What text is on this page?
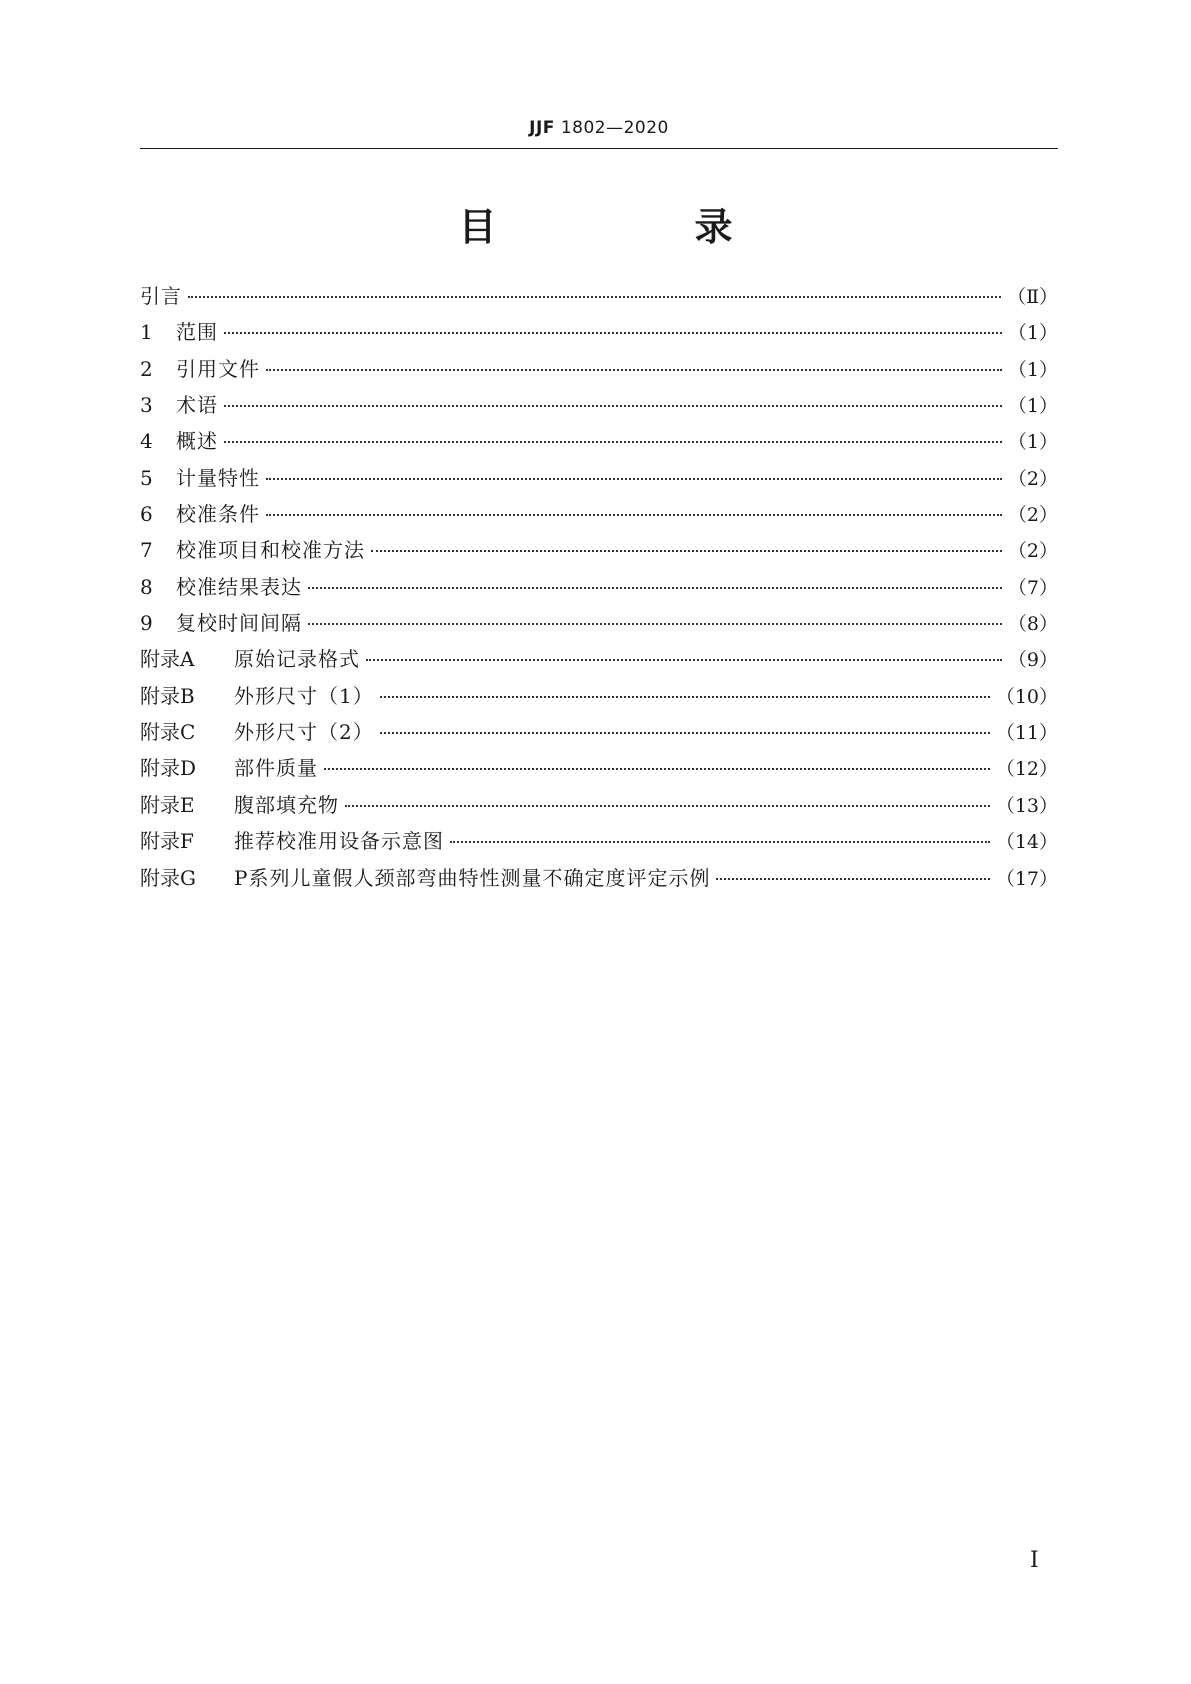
JJF 1802—2020
目　录
引言	（Ⅱ）
1	范围	（1）
2	引用文件	（1）
3	术语	（1）
4	概述	（1）
5	计量特性	（2）
6	校准条件	（2）
7	校准项目和校准方法	（2）
8	校准结果表达	（7）
9	复校时间间隔	（8）
附录A	原始记录格式	（9）
附录B	外形尺寸（1）	（10）
附录C	外形尺寸（2）	（11）
附录D	部件质量	（12）
附录E	腹部填充物	（13）
附录F	推荐校准用设备示意图	（14）
附录G	P系列儿童假人颈部弯曲特性测量不确定度评定示例	（17）
Ⅰ
